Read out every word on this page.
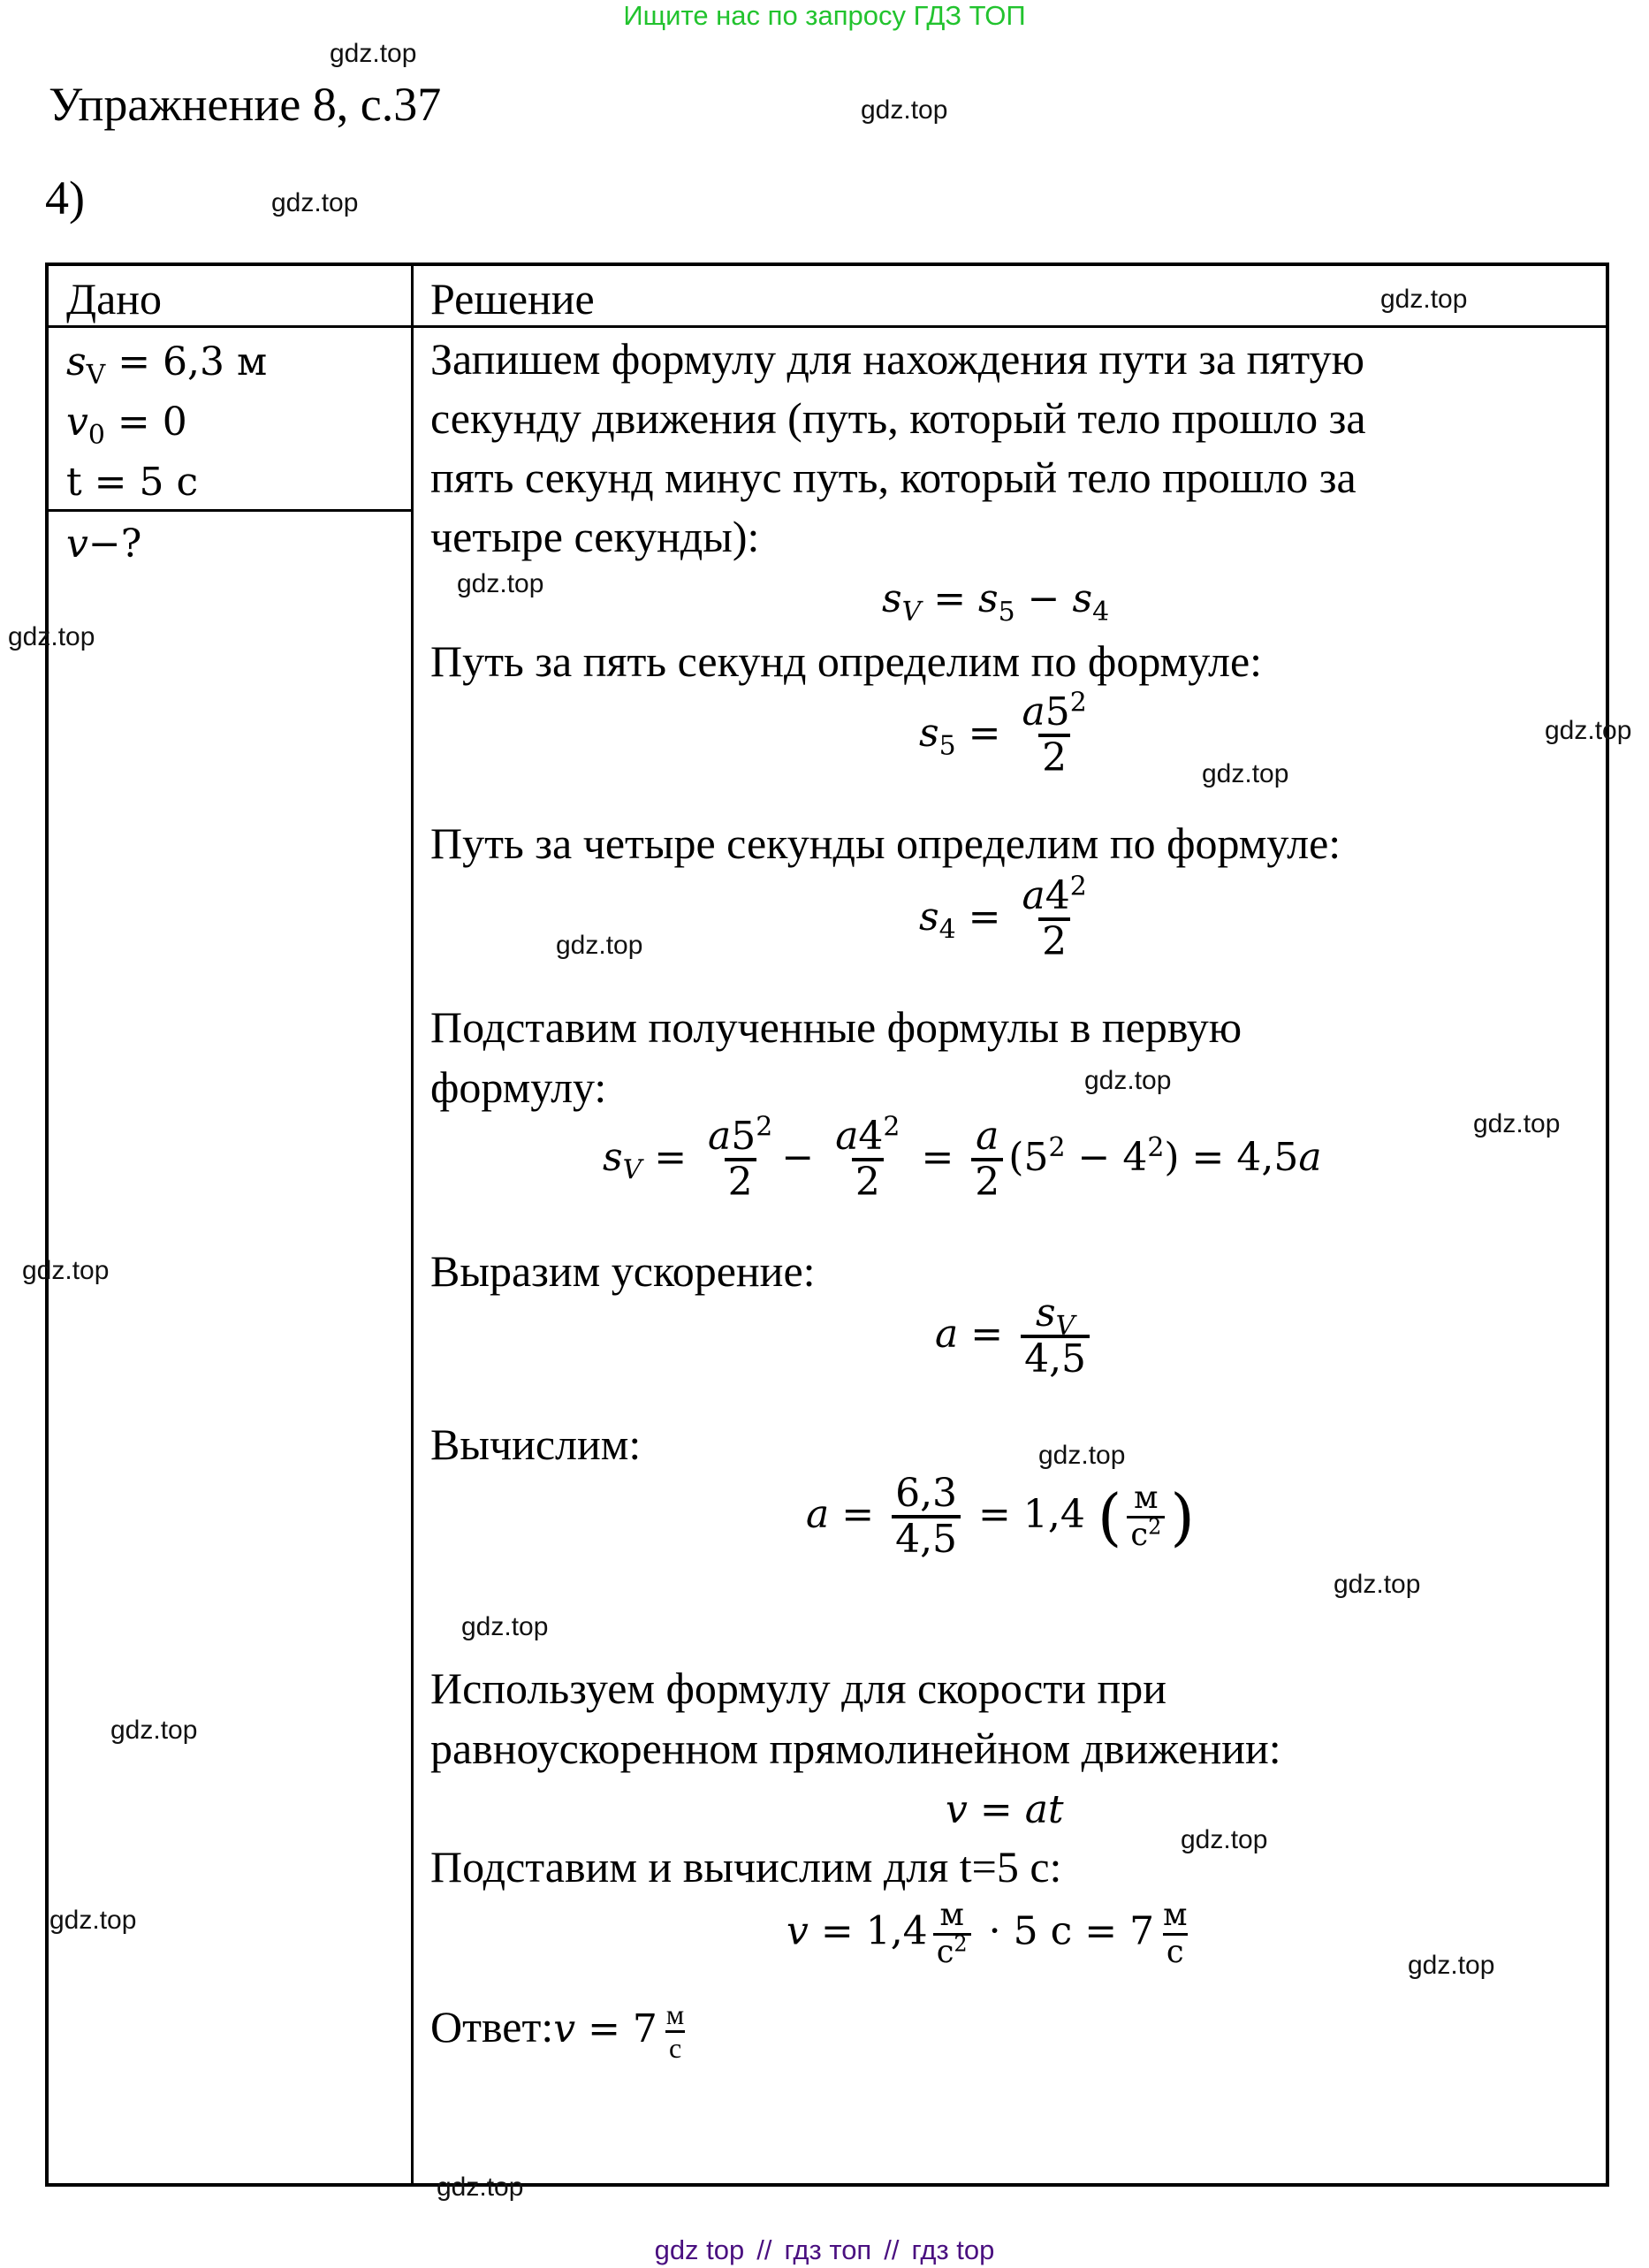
Ищите нас по запросу ГДЗ ТОП
Упражнение 8, с.37
4)
Дано	Решение
$s_V = 6,3$ м
$v_0 = 0$
t = 5 с
v−?
Запишем формулу для нахождения пути за пятую
секунду движения (путь, который тело прошло за
пять секунд минус путь, который тело прошло за
четыре секунды):
$s_V = s_5 - s_4$
Путь за пять секунд определим по формуле:
$s_5 = \frac{a5^2}{2}$
Путь за четыре секунды определим по формуле:
$s_4 = \frac{a4^2}{2}$
Подставим полученные формулы в первую
формулу:
$s_V = \frac{a5^2}{2} - \frac{a4^2}{2} = \frac{a}{2} (5^2 - 4^2) = 4,5a$
Выразим ускорение:
$a = \frac{s_V}{4,5}$
Вычислим:
$a = \frac{6,3}{4,5} = 1,4$ ( $\frac{м}{с^2}$ )
Используем формулу для скорости при
равноускоренном прямолинейном движении:
v = at
Подставим и вычислим для t=5 с:
$v = 1,4 \frac{м}{с^2} \cdot 5$ $с = 7 \frac{м}{с}$
Ответ:v = $7 \frac{м}{с}$
gdz.top
gdz.top
gdz.top
gdz.top
gdz.top
gdz.top
gdz.top
gdz.top
gdz.top
gdz.top
gdz.top
gdz.top
gdz.top
gdz.top
gdz.top
gdz.top
gdz.top
gdz.top
gdz.top
gdz.top
gdz top // гдз топ // гдз top
